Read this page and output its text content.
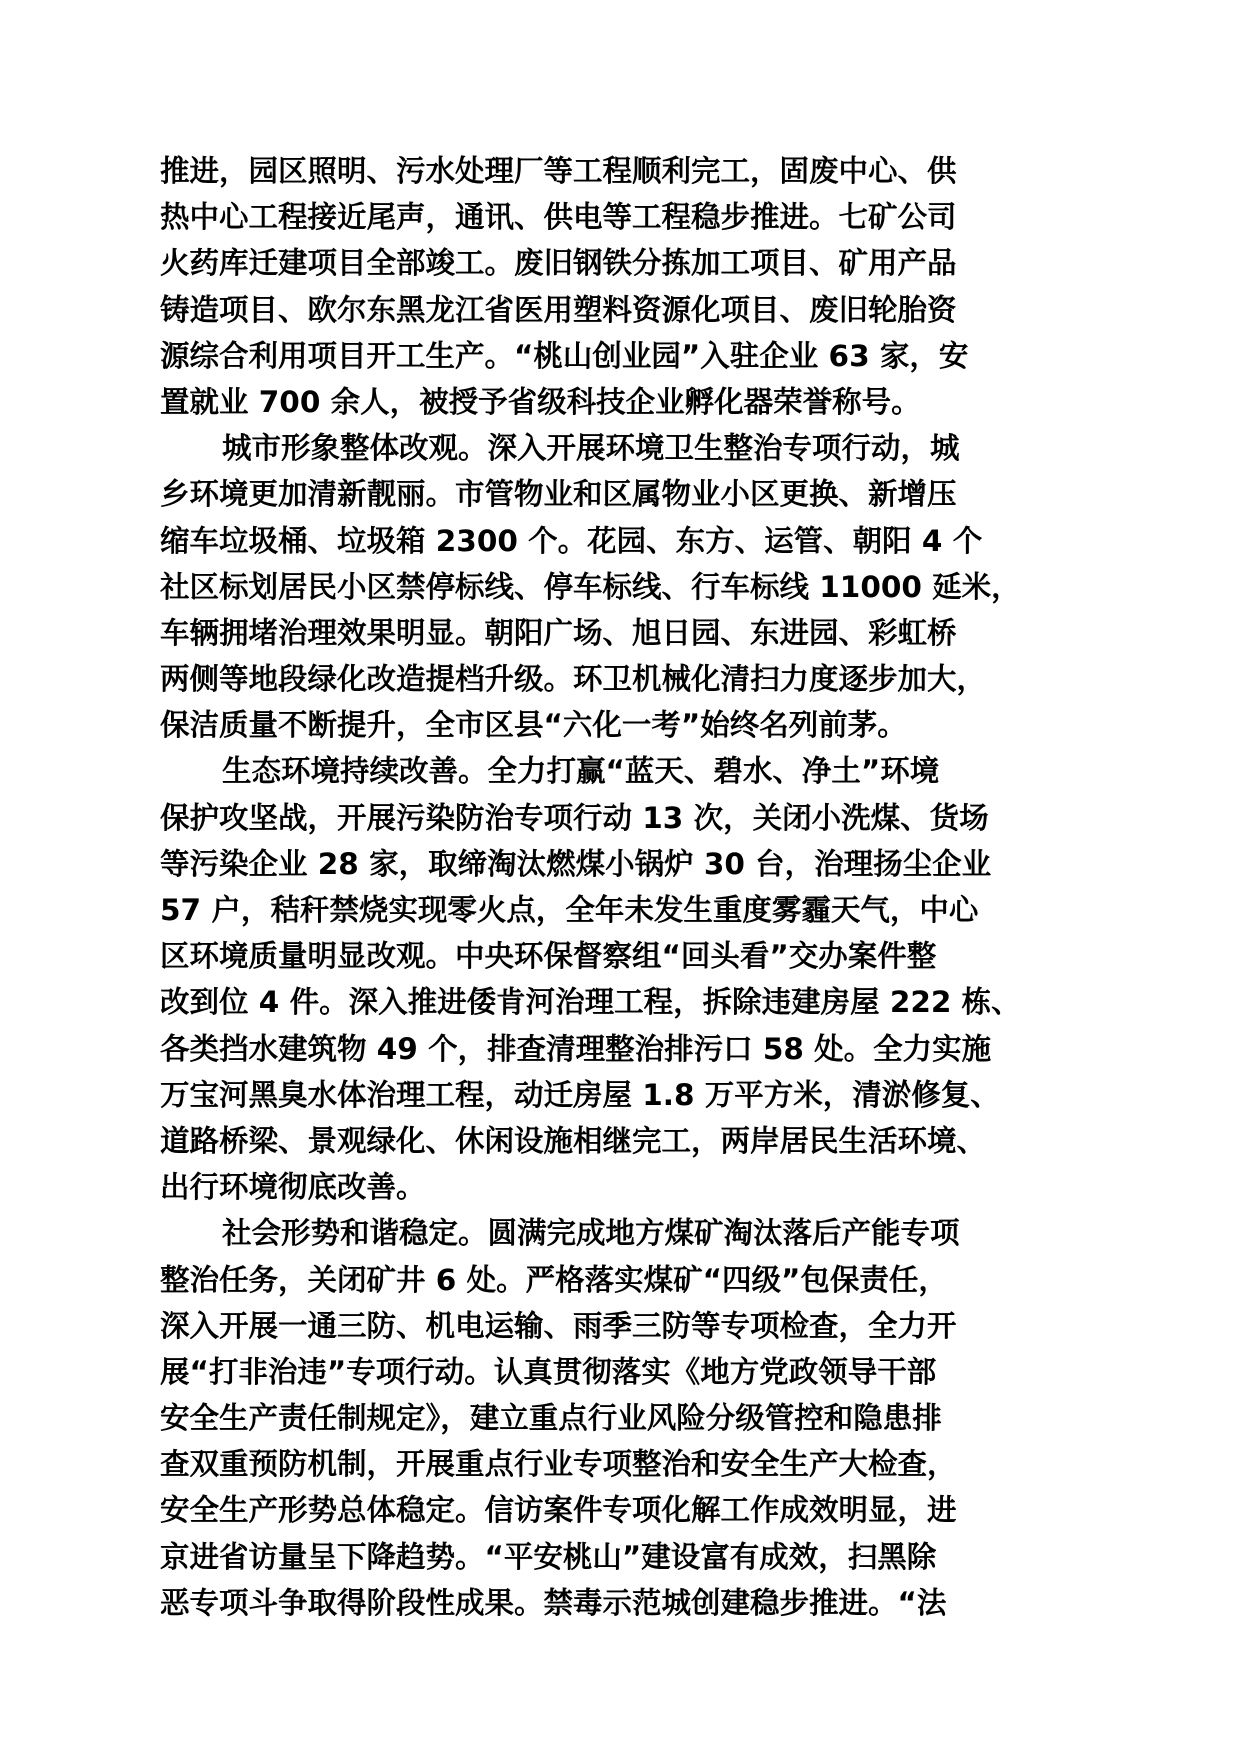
推进，园区照明、污水处理厂等工程顺利完工，固废中心、供
热中心工程接近尾声，通讯、供电等工程稳步推进。七矿公司
火药库迁建项目全部竣工。废旧钢铁分拣加工项目、矿用产品
铸造项目、欧尔东黑龙江省医用塑料资源化项目、废旧轮胎资
源综合利用项目开工生产。“桃山创业园”入驻企业 63 家，安
置就业 700 余人，被授予省级科技企业孵化器荣誉称号。
城市形象整体改观。深入开展环境卫生整治专项行动，城
乡环境更加清新靓丽。市管物业和区属物业小区更换、新增压
缩车垃圾桶、垃圾箱 2300 个。花园、东方、运管、朝阳 4 个
社区标划居民小区禁停标线、停车标线、行车标线 11000 延米，
车辆拥堵治理效果明显。朝阳广场、旭日园、东进园、彩虹桥
两侧等地段绿化改造提档升级。环卫机械化清扫力度逐步加大，
保洁质量不断提升，全市区县“六化一考”始终名列前茅。
生态环境持续改善。全力打赢“蓝天、碧水、净土”环境
保护攻坚战，开展污染防治专项行动 13 次，关闭小洗煤、货场
等污染企业 28 家，取缔淘汰燃煤小锅炉 30 台，治理扬尘企业
57 户，秸秆禁烧实现零火点，全年未发生重度雾霾天气，中心
区环境质量明显改观。中央环保督察组“回头看”交办案件整
改到位 4 件。深入推进倭肯河治理工程，拆除违建房屋 222 栋、
各类挡水建筑物 49 个，排查清理整治排污口 58 处。全力实施
万宝河黑臭水体治理工程，动迁房屋 1.8 万平方米，清淤修复、
道路桥梁、景观绿化、休闲设施相继完工，两岸居民生活环境、
出行环境彻底改善。
社会形势和谐稳定。圆满完成地方煤矿淘汰落后产能专项
整治任务，关闭矿井 6 处。严格落实煤矿“四级”包保责任，
深入开展一通三防、机电运输、雨季三防等专项检查，全力开
展“打非治违”专项行动。认真贯彻落实《地方党政领导干部
安全生产责任制规定》，建立重点行业风险分级管控和隐患排
查双重预防机制，开展重点行业专项整治和安全生产大检查，
安全生产形势总体稳定。信访案件专项化解工作成效明显，进
京进省访量呈下降趋势。“平安桃山”建设富有成效，扫黑除
恶专项斗争取得阶段性成果。禁毒示范城创建稳步推进。“法
